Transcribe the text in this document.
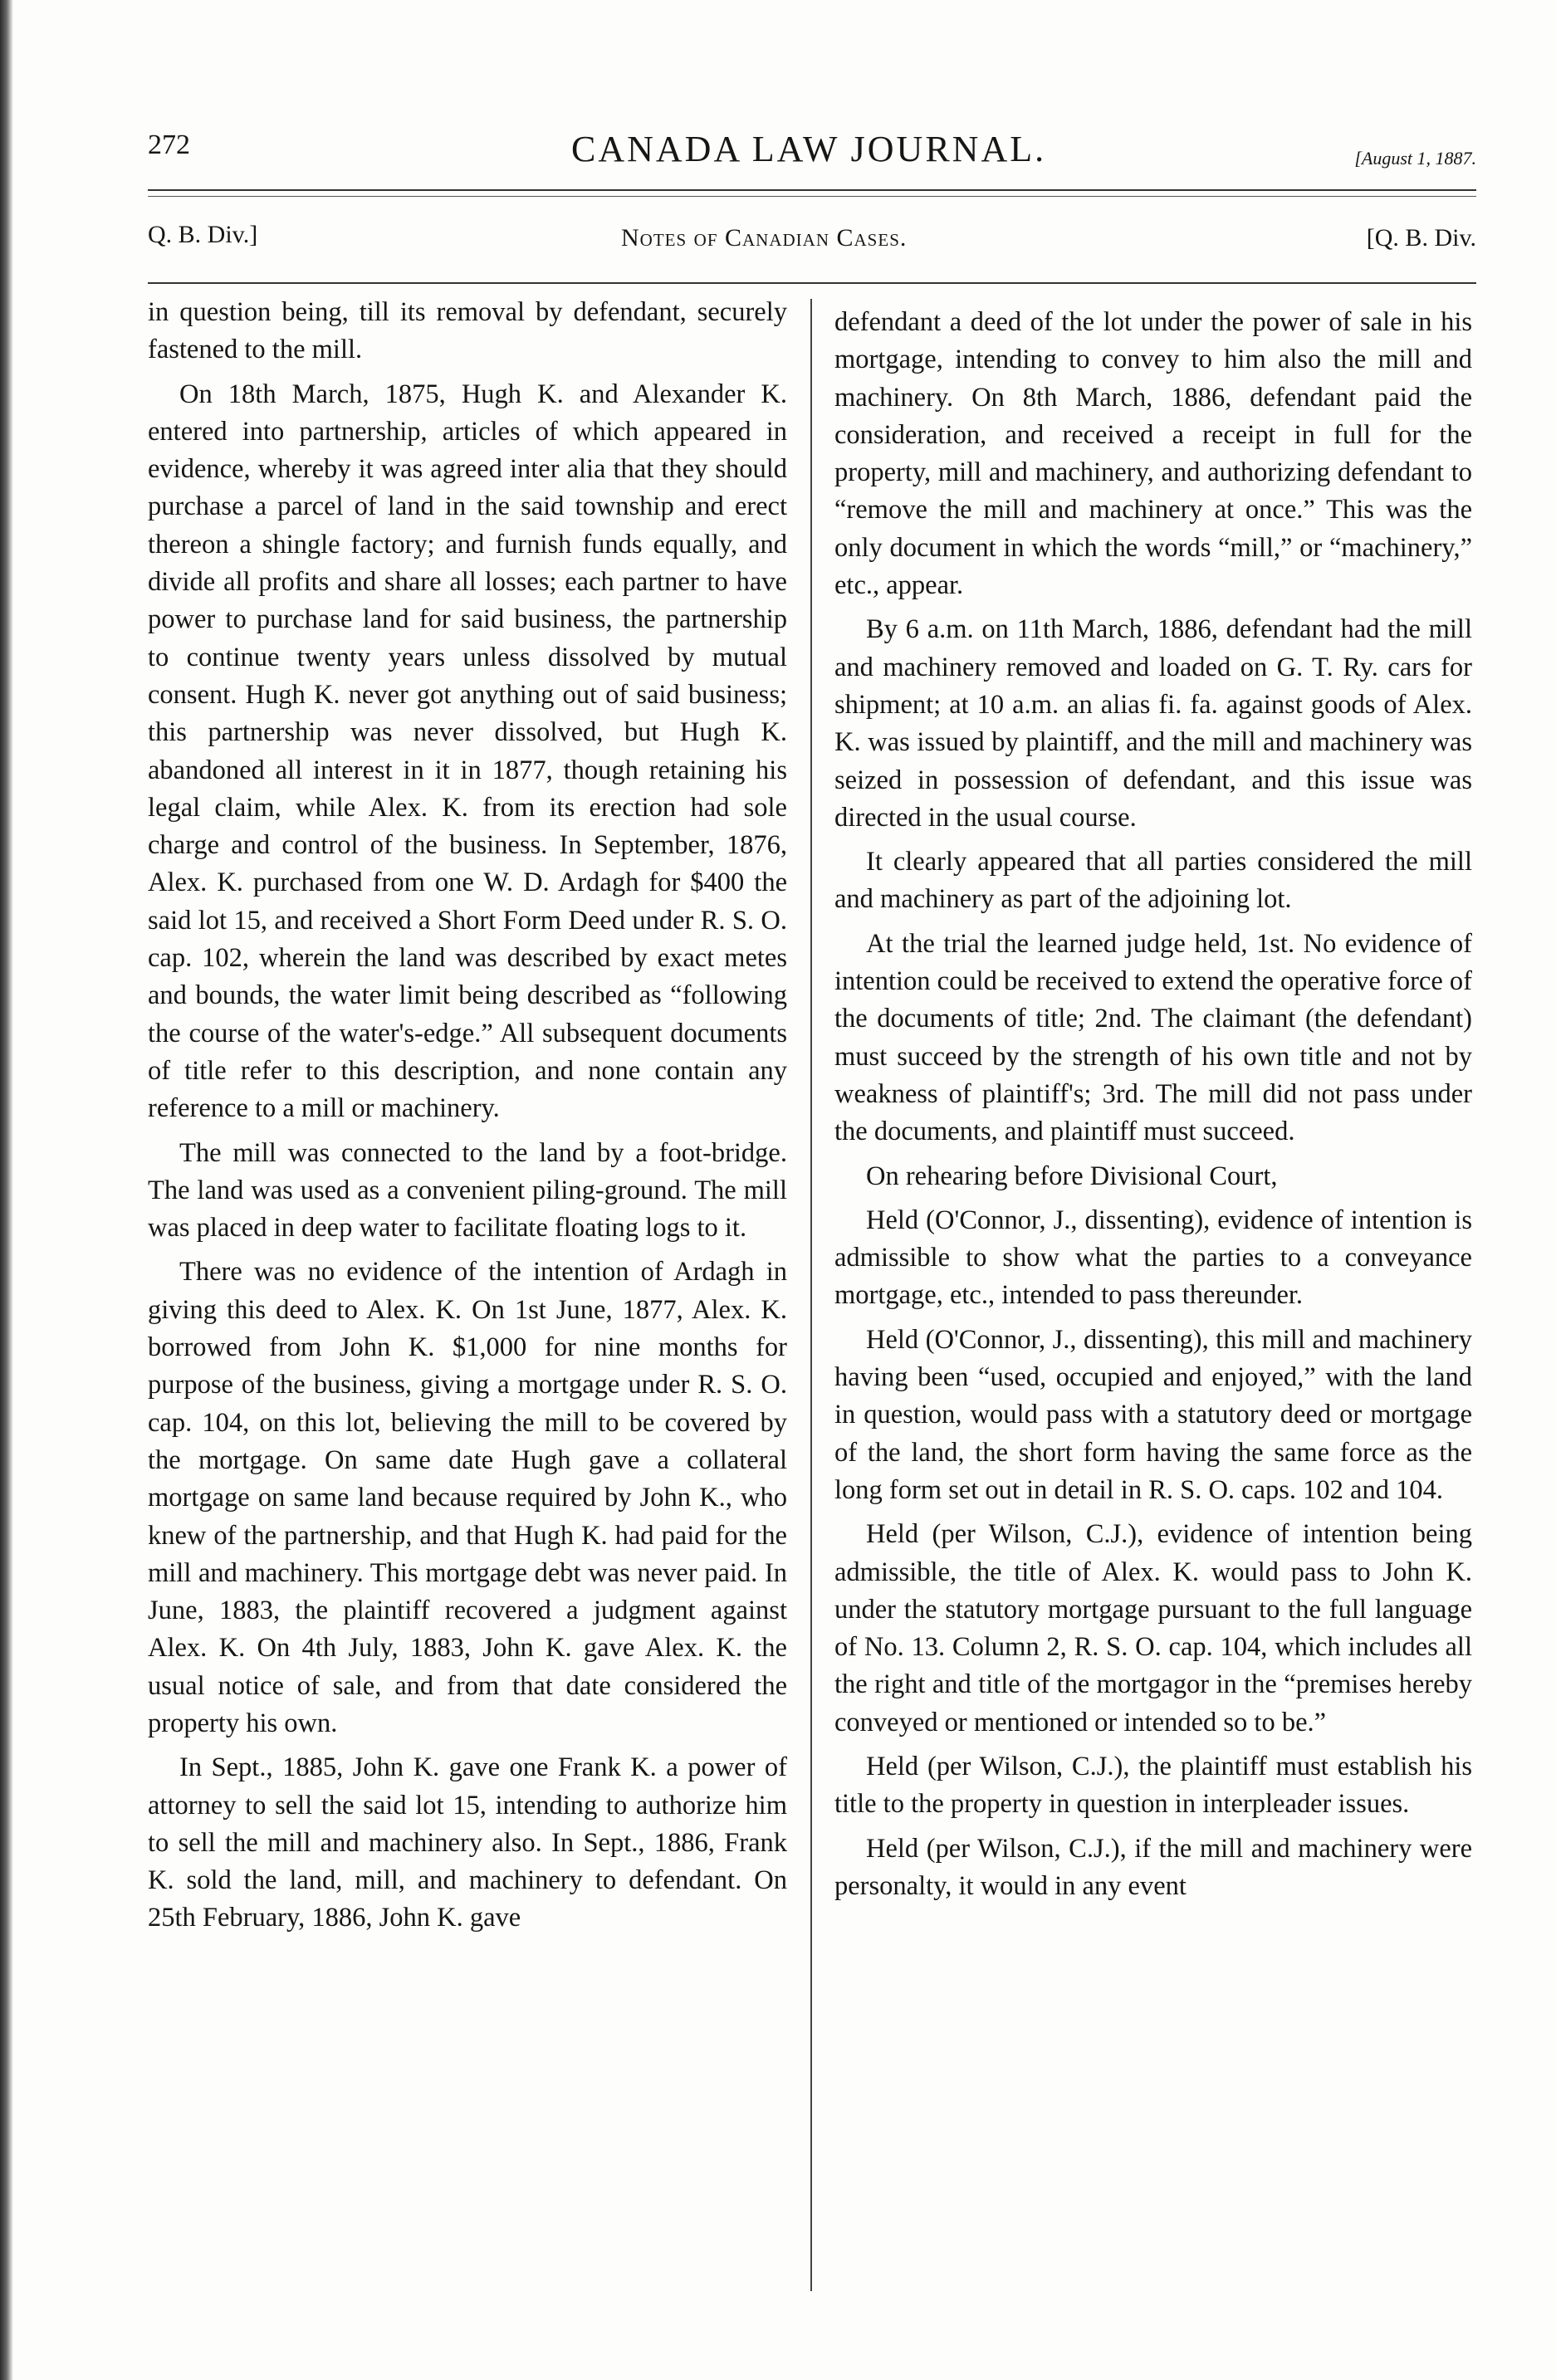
272	CANADA LAW JOURNAL.	[August 1, 1887.
Q. B. Div.]	Notes of Canadian Cases.	[Q. B. Div.

in question being, till its removal by defendant, securely fastened to the mill.

On 18th March, 1875, Hugh K. and Alexander K. entered into partnership, articles of which appeared in evidence, whereby it was agreed inter alia that they should purchase a parcel of land in the said township and erect thereon a shingle factory; and furnish funds equally, and divide all profits and share all losses; each partner to have power to purchase land for said business, the partnership to continue twenty years unless dissolved by mutual consent. Hugh K. never got anything out of said business; this partnership was never dissolved, but Hugh K. abandoned all interest in it in 1877, though retaining his legal claim, while Alex. K. from its erection had sole charge and control of the business. In September, 1876, Alex. K. purchased from one W. D. Ardagh for $400 the said lot 15, and received a Short Form Deed under R. S. O. cap. 102, wherein the land was described by exact metes and bounds, the water limit being described as “following the course of the water's-edge.” All subsequent documents of title refer to this description, and none contain any reference to a mill or machinery.

The mill was connected to the land by a foot-bridge. The land was used as a convenient piling-ground. The mill was placed in deep water to facilitate floating logs to it.

There was no evidence of the intention of Ardagh in giving this deed to Alex. K. On 1st June, 1877, Alex. K. borrowed from John K. $1,000 for nine months for purpose of the business, giving a mortgage under R. S. O. cap. 104, on this lot, believing the mill to be covered by the mortgage. On same date Hugh gave a collateral mortgage on same land because required by John K., who knew of the partnership, and that Hugh K. had paid for the mill and machinery. This mortgage debt was never paid. In June, 1883, the plaintiff recovered a judgment against Alex. K. On 4th July, 1883, John K. gave Alex. K. the usual notice of sale, and from that date considered the property his own.

In Sept., 1885, John K. gave one Frank K. a power of attorney to sell the said lot 15, intending to authorize him to sell the mill and machinery also. In Sept., 1886, Frank K. sold the land, mill, and machinery to defendant. On 25th February, 1886, John K. gave

defendant a deed of the lot under the power of sale in his mortgage, intending to convey to him also the mill and machinery. On 8th March, 1886, defendant paid the consideration, and received a receipt in full for the property, mill and machinery, and authorizing defendant to “remove the mill and machinery at once.” This was the only document in which the words “mill,” or “machinery,” etc., appear.

By 6 a.m. on 11th March, 1886, defendant had the mill and machinery removed and loaded on G. T. Ry. cars for shipment; at 10 a.m. an alias fi. fa. against goods of Alex. K. was issued by plaintiff, and the mill and machinery was seized in possession of defendant, and this issue was directed in the usual course.

It clearly appeared that all parties considered the mill and machinery as part of the adjoining lot.

At the trial the learned judge held, 1st. No evidence of intention could be received to extend the operative force of the documents of title; 2nd. The claimant (the defendant) must succeed by the strength of his own title and not by weakness of plaintiff's; 3rd. The mill did not pass under the documents, and plaintiff must succeed.

On rehearing before Divisional Court,

Held (O'Connor, J., dissenting), evidence of intention is admissible to show what the parties to a conveyance mortgage, etc., intended to pass thereunder.

Held (O'Connor, J., dissenting), this mill and machinery having been “used, occupied and enjoyed,” with the land in question, would pass with a statutory deed or mortgage of the land, the short form having the same force as the long form set out in detail in R. S. O. caps. 102 and 104.

Held (per Wilson, C.J.), evidence of intention being admissible, the title of Alex. K. would pass to John K. under the statutory mortgage pursuant to the full language of No. 13. Column 2, R. S. O. cap. 104, which includes all the right and title of the mortgagor in the “premises hereby conveyed or mentioned or intended so to be.”

Held (per Wilson, C.J.), the plaintiff must establish his title to the property in question in interpleader issues.

Held (per Wilson, C.J.), if the mill and machinery were personalty, it would in any event
